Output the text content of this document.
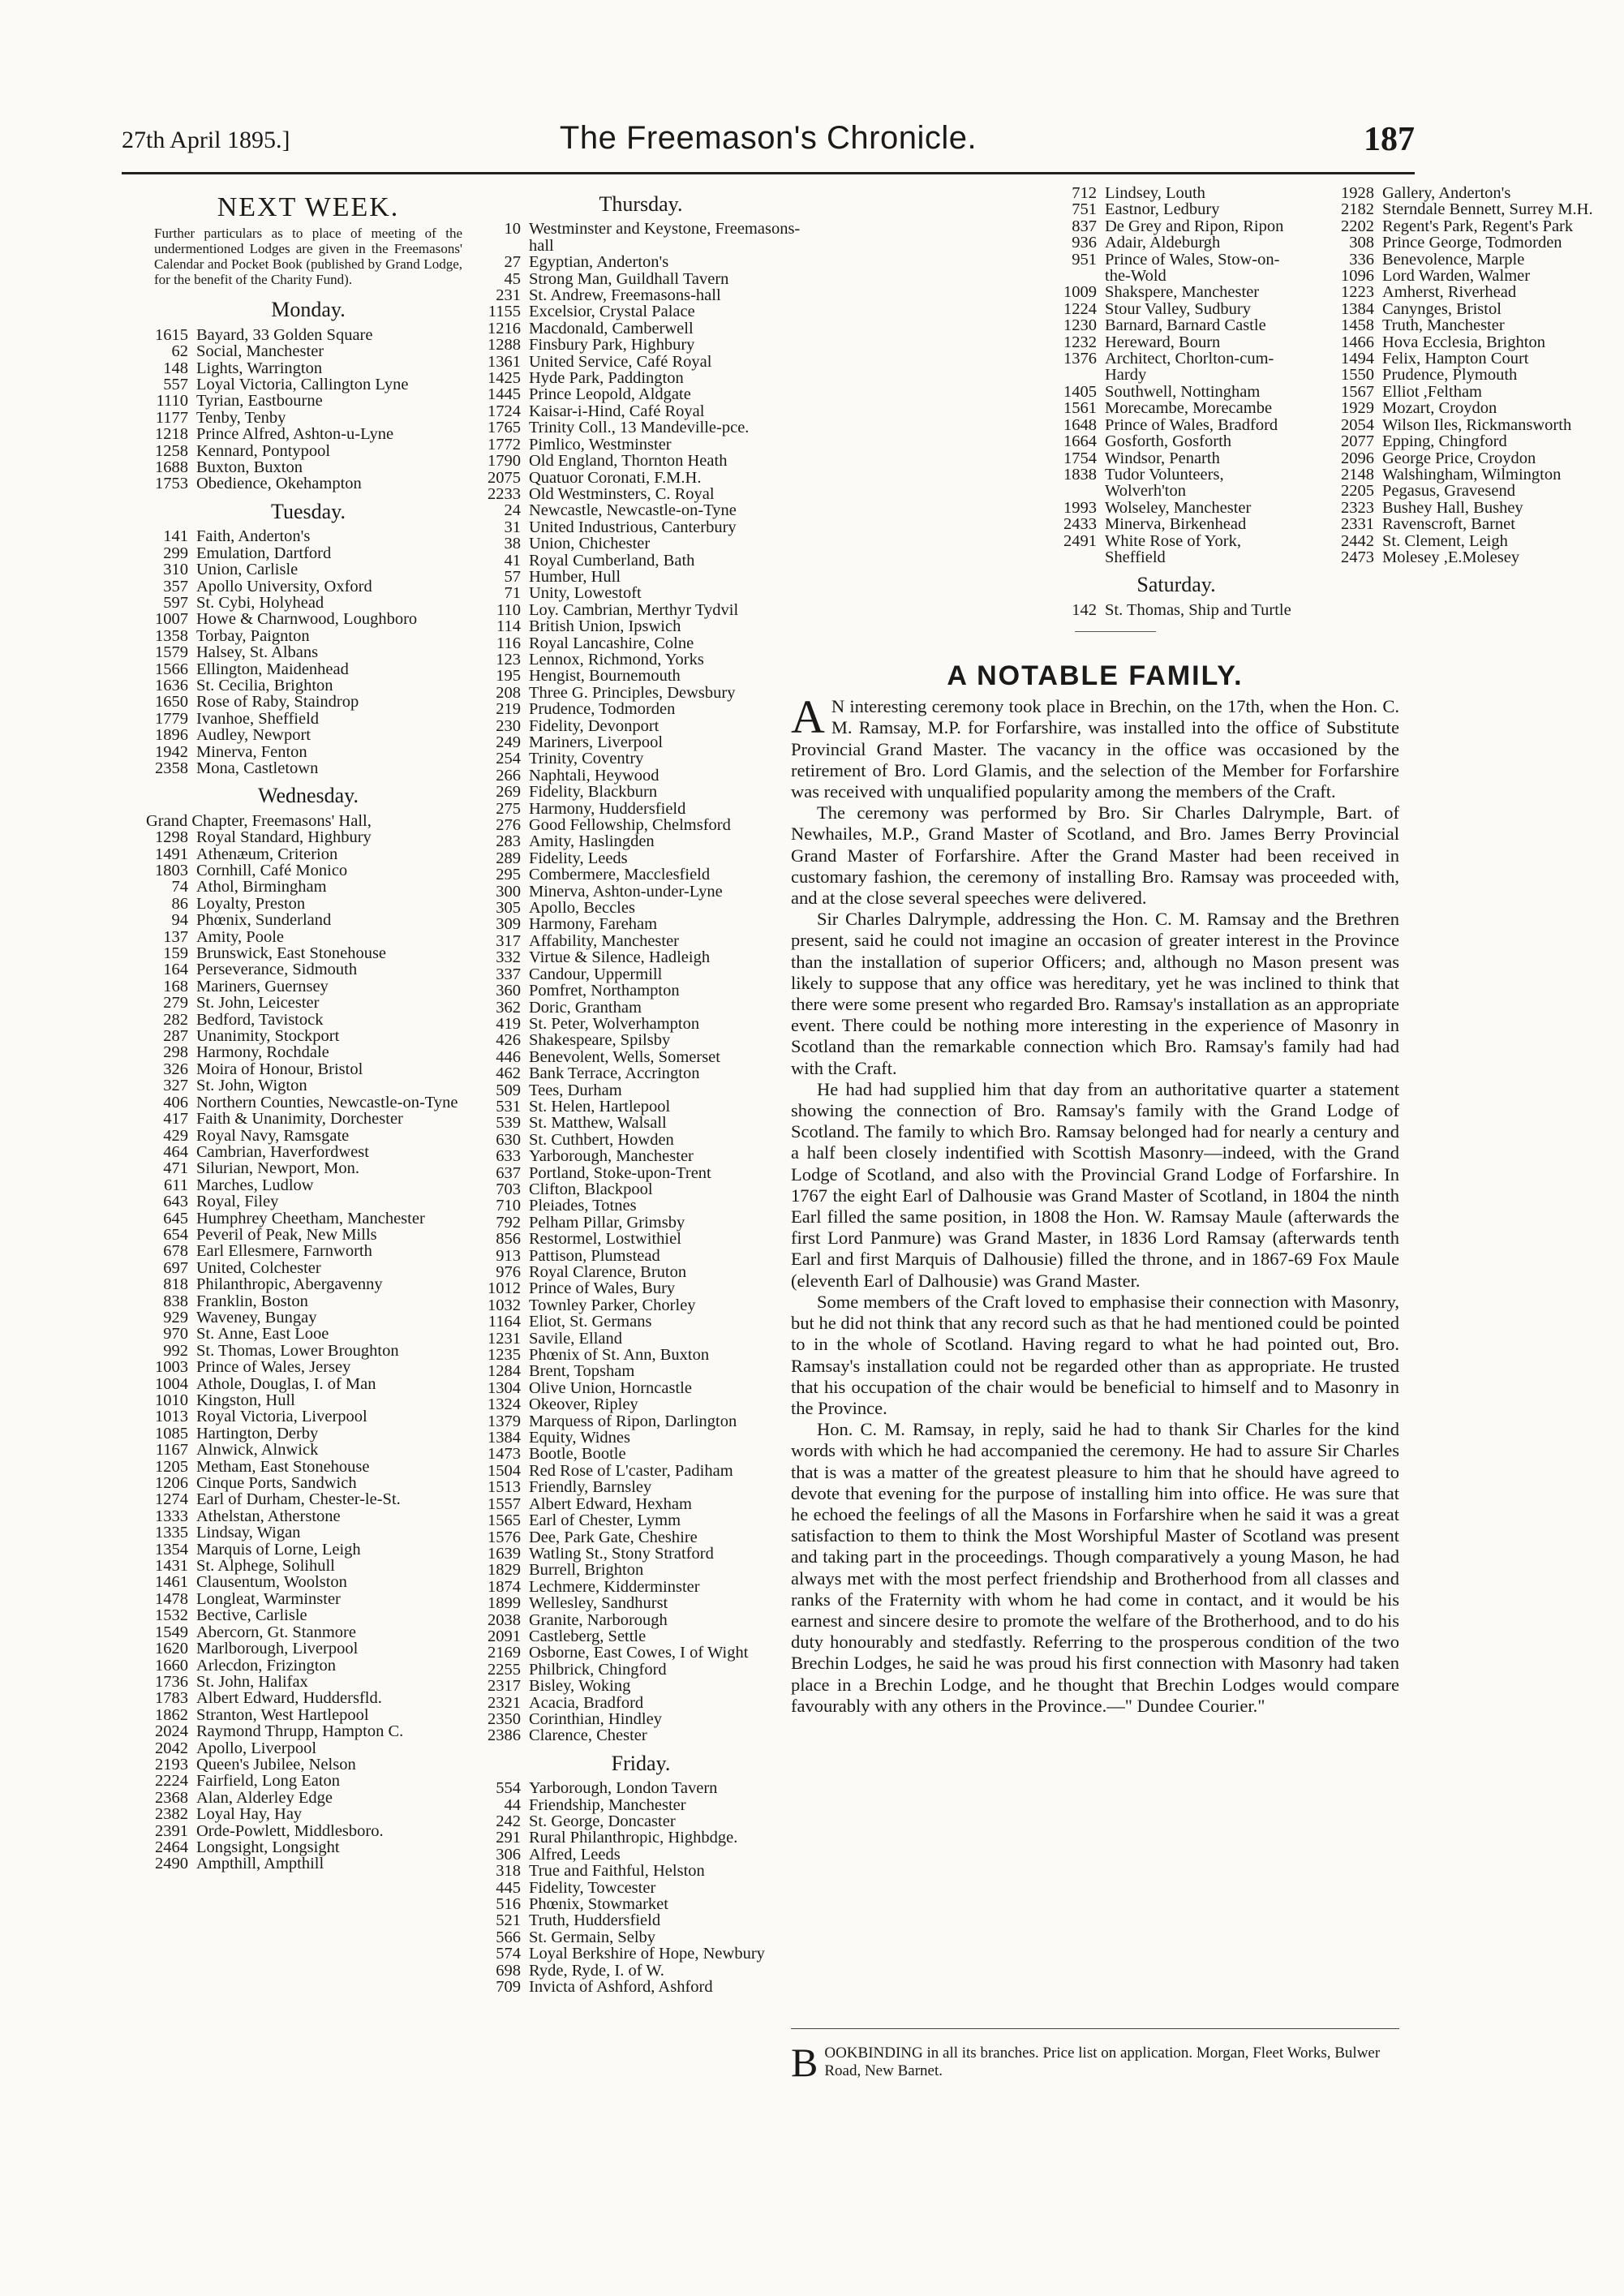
27th April 1895.]	The Freemason's Chronicle.	187
NEXT WEEK.
Further particulars as to place of meeting of the undermentioned Lodges are given in the Freemasons' Calendar and Pocket Book (published by Grand Lodge, for the benefit of the Charity Fund).
Monday.
1615 Bayard, 33 Golden Square
62 Social, Manchester
148 Lights, Warrington
557 Loyal Victoria, Callington Lyne
1110 Tyrian, Eastbourne
1177 Tenby, Tenby
1218 Prince Alfred, Ashton-u-Lyne
1258 Kennard, Pontypool
1688 Buxton, Buxton
1753 Obedience, Okehampton
Tuesday.
141 Faith, Anderton's
299 Emulation, Dartford
310 Union, Carlisle
357 Apollo University, Oxford
597 St. Cybi, Holyhead
1007 Howe & Charnwood, Loughboro
1358 Torbay, Paignton
1579 Halsey, St. Albans
1566 Ellington, Maidenhead
1636 St. Cecilia, Brighton
1650 Rose of Raby, Staindrop
1779 Ivanhoe, Sheffield
1896 Audley, Newport
1942 Minerva, Fenton
2358 Mona, Castletown
Wednesday.
Grand Chapter, Freemasons' Hall,
1298 Royal Standard, Highbury
1491 Athenæum, Criterion
1803 Cornhill, Café Monico
74 Athol, Birmingham
86 Loyalty, Preston
94 Phœnix, Sunderland
137 Amity, Poole
159 Brunswick, East Stonehouse
164 Perseverance, Sidmouth
168 Mariners, Guernsey
279 St. John, Leicester
282 Bedford, Tavistock
287 Unanimity, Stockport
298 Harmony, Rochdale
326 Moira of Honour, Bristol
327 St. John, Wigton
406 Northern Counties, Newcastle-on-Tyne
417 Faith & Unanimity, Dorchester
429 Royal Navy, Ramsgate
464 Cambrian, Haverfordwest
471 Silurian, Newport, Mon.
611 Marches, Ludlow
643 Royal, Filey
645 Humphrey Cheetham, Manchester
654 Peveril of Peak, New Mills
678 Earl Ellesmere, Farnworth
697 United, Colchester
818 Philanthropic, Abergavenny
838 Franklin, Boston
929 Waveney, Bungay
970 St. Anne, East Looe
992 St. Thomas, Lower Broughton
1003 Prince of Wales, Jersey
1004 Athole, Douglas, I. of Man
1010 Kingston, Hull
1013 Royal Victoria, Liverpool
1085 Hartington, Derby
1167 Alnwick, Alnwick
1205 Metham, East Stonehouse
1206 Cinque Ports, Sandwich
1274 Earl of Durham, Chester-le-St.
1333 Athelstan, Atherstone
1335 Lindsay, Wigan
1354 Marquis of Lorne, Leigh
1431 St. Alphege, Solihull
1461 Clausentum, Woolston
1478 Longleat, Warminster
1532 Bective, Carlisle
1549 Abercorn, Gt. Stanmore
1620 Marlborough, Liverpool
1660 Arlecdon, Frizington
1736 St. John, Halifax
1783 Albert Edward, Huddersfld.
1862 Stranton, West Hartlepool
2024 Raymond Thrupp, Hampton C.
2042 Apollo, Liverpool
2193 Queen's Jubilee, Nelson
2224 Fairfield, Long Eaton
2368 Alan, Alderley Edge
2382 Loyal Hay, Hay
2391 Orde-Powlett, Middlesboro.
2464 Longsight, Longsight
2490 Ampthill, Ampthill
Thursday.
10 Westminster and Keystone, Freemasons-hall
27 Egyptian, Anderton's
45 Strong Man, Guildhall Tavern
231 St. Andrew, Freemasons-hall
1155 Excelsior, Crystal Palace
1216 Macdonald, Camberwell
1288 Finsbury Park, Highbury
1361 United Service, Café Royal
1425 Hyde Park, Paddington
1445 Prince Leopold, Aldgate
1724 Kaisar-i-Hind, Café Royal
1765 Trinity Coll., 13 Mandeville-pce.
1772 Pimlico, Westminster
1790 Old England, Thornton Heath
2075 Quatuor Coronati, F.M.H.
2233 Old Westminsters, C. Royal
24 Newcastle, Newcastle-on-Tyne
31 United Industrious, Canterbury
38 Union, Chichester
41 Royal Cumberland, Bath
57 Humber, Hull
71 Unity, Lowestoft
110 Loy. Cambrian, Merthyr Tydvil
114 British Union, Ipswich
116 Royal Lancashire, Colne
123 Lennox, Richmond, Yorks
195 Hengist, Bournemouth
208 Three G. Principles, Dewsbury
219 Prudence, Todmorden
230 Fidelity, Devonport
249 Mariners, Liverpool
254 Trinity, Coventry
266 Naphtali, Heywood
269 Fidelity, Blackburn
275 Harmony, Huddersfield
276 Good Fellowship, Chelmsford
283 Amity, Haslingden
289 Fidelity, Leeds
295 Combermere, Macclesfield
300 Minerva, Ashton-under-Lyne
305 Apollo, Beccles
309 Harmony, Fareham
317 Affability, Manchester
332 Virtue & Silence, Hadleigh
337 Candour, Uppermill
360 Pomfret, Northampton
362 Doric, Grantham
419 St. Peter, Wolverhampton
426 Shakespeare, Spilsby
446 Benevolent, Wells, Somerset
462 Bank Terrace, Accrington
509 Tees, Durham
531 St. Helen, Hartlepool
539 St. Matthew, Walsall
630 St. Cuthbert, Howden
633 Yarborough, Manchester
637 Portland, Stoke-upon-Trent
703 Clifton, Blackpool
710 Pleiades, Totnes
792 Pelham Pillar, Grimsby
856 Restormel, Lostwithiel
913 Pattison, Plumstead
976 Royal Clarence, Bruton
1012 Prince of Wales, Bury
1032 Townley Parker, Chorley
1164 Eliot, St. Germans
1231 Savile, Elland
1235 Phœnix of St. Ann, Buxton
1284 Brent, Topsham
1304 Olive Union, Horncastle
1324 Okeover, Ripley
1379 Marquess of Ripon, Darlington
1384 Equity, Widnes
1473 Bootle, Bootle
1504 Red Rose of L'caster, Padiham
1513 Friendly, Barnsley
1557 Albert Edward, Hexham
1565 Earl of Chester, Lymm
1576 Dee, Park Gate, Cheshire
1639 Watling St., Stony Stratford
1829 Burrell, Brighton
1874 Lechmere, Kidderminster
1899 Wellesley, Sandhurst
2038 Granite, Narborough
2091 Castleberg, Settle
2169 Osborne, East Cowes, I of Wight
2255 Philbrick, Chingford
2317 Bisley, Woking
2321 Acacia, Bradford
2350 Corinthian, Hindley
2386 Clarence, Chester
Friday.
554 Yarborough, London Tavern
44 Friendship, Manchester
242 St. George, Doncaster
291 Rural Philanthropic, Highbdge.
306 Alfred, Leeds
318 True and Faithful, Helston
445 Fidelity, Towcester
516 Phœnix, Stowmarket
521 Truth, Huddersfield
566 St. Germain, Selby
574 Loyal Berkshire of Hope, Newbury
698 Ryde, Ryde, I. of W.
709 Invicta of Ashford, Ashford
712 Lindsey, Louth
751 Eastnor, Ledbury
837 De Grey and Ripon, Ripon
936 Adair, Aldeburgh
951 Prince of Wales, Stow-on-the-Wold
1009 Shakspere, Manchester
1224 Stour Valley, Sudbury
1230 Barnard, Barnard Castle
1232 Hereward, Bourn
1376 Architect, Chorlton-cum-Hardy
1405 Southwell, Nottingham
1561 Morecambe, Morecambe
1648 Prince of Wales, Bradford
1664 Gosforth, Gosforth
1754 Windsor, Penarth
1838 Tudor Volunteers, Wolverh'ton
1993 Wolseley, Manchester
2433 Minerva, Birkenhead
2491 White Rose of York, Sheffield
Saturday.
142 St. Thomas, Ship and Turtle
1928 Gallery, Anderton's
2182 Sterndale Bennett, Surrey M.H.
2202 Regent's Park, Regent's Park
308 Prince George, Todmorden
336 Benevolence, Marple
1096 Lord Warden, Walmer
1223 Amherst, Riverhead
1384 Canynges, Bristol
1458 Truth, Manchester
1466 Hova Ecclesia, Brighton
1494 Felix, Hampton Court
1550 Prudence, Plymouth
1567 Elliot ,Feltham
1929 Mozart, Croydon
2054 Wilson Iles, Rickmansworth
2077 Epping, Chingford
2096 George Price, Croydon
2148 Walshingham, Wilmington
2205 Pegasus, Gravesend
2323 Bushey Hall, Bushey
2331 Ravenscroft, Barnet
2442 St. Clement, Leigh
2473 Molesey ,E.Molesey
A NOTABLE FAMILY.

A N interesting ceremony took place in Brechin, on the 17th, when the Hon. C. M. Ramsay, M.P. for Forfarshire, was installed into the office of Substitute Provincial Grand Master. The vacancy in the office was occasioned by the retirement of Bro. Lord Glamis, and the selection of the Member for Forfarshire was received with unqualified popularity among the members of the Craft.

The ceremony was performed by Bro. Sir Charles Dalrymple, Bart. of Newhailes, M.P., Grand Master of Scotland, and Bro. James Berry Provincial Grand Master of Forfarshire. After the Grand Master had been received in customary fashion, the ceremony of installing Bro. Ramsay was proceeded with, and at the close several speeches were delivered.

Sir Charles Dalrymple, addressing the Hon. C. M. Ramsay and the Brethren present, said he could not imagine an occasion of greater interest in the Province than the installation of superior Officers; and, although no Mason present was likely to suppose that any office was hereditary, yet he was inclined to think that there were some present who regarded Bro. Ramsay's installation as an appropriate event. There could be nothing more interesting in the experience of Masonry in Scotland than the remarkable connection which Bro. Ramsay's family had had with the Craft.

He had had supplied him that day from an authoritative quarter a statement showing the connection of Bro. Ramsay's family with the Grand Lodge of Scotland. The family to which Bro. Ramsay belonged had for nearly a century and a half been closely indentified with Scottish Masonry—indeed, with the Grand Lodge of Scotland, and also with the Provincial Grand Lodge of Forfarshire. In 1767 the eight Earl of Dalhousie was Grand Master of Scotland, in 1804 the ninth Earl filled the same position, in 1808 the Hon. W. Ramsay Maule (afterwards the first Lord Panmure) was Grand Master, in 1836 Lord Ramsay (afterwards tenth Earl and first Marquis of Dalhousie) filled the throne, and in 1867-69 Fox Maule (eleventh Earl of Dalhousie) was Grand Master.

Some members of the Craft loved to emphasise their connection with Masonry, but he did not think that any record such as that he had mentioned could be pointed to in the whole of Scotland. Having regard to what he had pointed out, Bro. Ramsay's installation could not be regarded other than as appropriate. He trusted that his occupation of the chair would be beneficial to himself and to Masonry in the Province.

Hon. C. M. Ramsay, in reply, said he had to thank Sir Charles for the kind words with which he had accompanied the ceremony. He had to assure Sir Charles that is was a matter of the greatest pleasure to him that he should have agreed to devote that evening for the purpose of installing him into office. He was sure that he echoed the feelings of all the Masons in Forfarshire when he said it was a great satisfaction to them to think the Most Worshipful Master of Scotland was present and taking part in the proceedings. Though comparatively a young Mason, he had always met with the most perfect friendship and Brotherhood from all classes and ranks of the Fraternity with whom he had come in contact, and it would be his earnest and sincere desire to promote the welfare of the Brotherhood, and to do his duty honourably and stedfastly. Referring to the prosperous condition of the two Brechin Lodges, he said he was proud his first connection with Masonry had taken place in a Brechin Lodge, and he thought that Brechin Lodges would compare favourably with any others in the Province.—" Dundee Courier."

B OOKBINDING in all its branches. Price list on application. Morgan, Fleet Works, Bulwer Road, New Barnet.
